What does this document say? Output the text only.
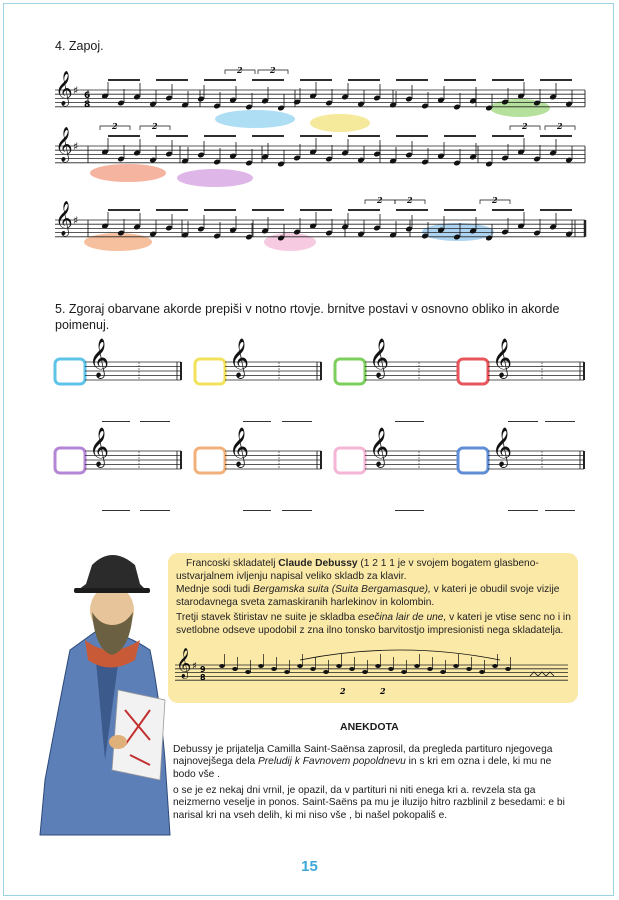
4. Zapoj.
𝄞 ♯ 6
8
2	2
𝄞 ♯
2	2	2	2
𝄞 ♯
2	2
2
5. Zgoraj obarvane akorde prepiši v notno rtovje. brnitve postavi v osnovno obliko in akorde poimenuj.
𝄞	𝄞	𝄞	𝄞
𝄞	𝄞	𝄞	𝄞
Francoski skladatelj Claude Debussy (1 2 1 1 je v svojem bogatem glasbeno-ustvarjalnem ivljenju napisal veliko skladb za klavir.
Mednje sodi tudi Bergamska suita (Suita Bergamasque), v kateri je obudil svoje vizije starodavnega sveta zamaskiranih harlekinov in kolombin.
Tretji stavek štiristav ne suite je skladba esečina lair de une, v kateri je vtise senc no i in svetlobne odseve upodobil z zna ilno tonsko barvitostjo impresionisti nega skladatelja.
𝄞 ♯ 9
8
2	2
ANEKDOTA
Debussy je prijatelja Camilla Saint-Saënsa zaprosil, da pregleda partituro njegovega najnovejšega dela Preludij k Favnovem popoldnevu in s kri em ozna i dele, ki mu ne bodo vše .
o se je ez nekaj dni vrnil, je opazil, da v partituri ni niti enega kri a. revzela sta ga neizmerno veselje in ponos. Saint-Saëns pa mu je iluzijo hitro razblinil z besedami: e bi narisal kri na vseh delih, ki mi niso vše , bi našel pokopališ e.
15
